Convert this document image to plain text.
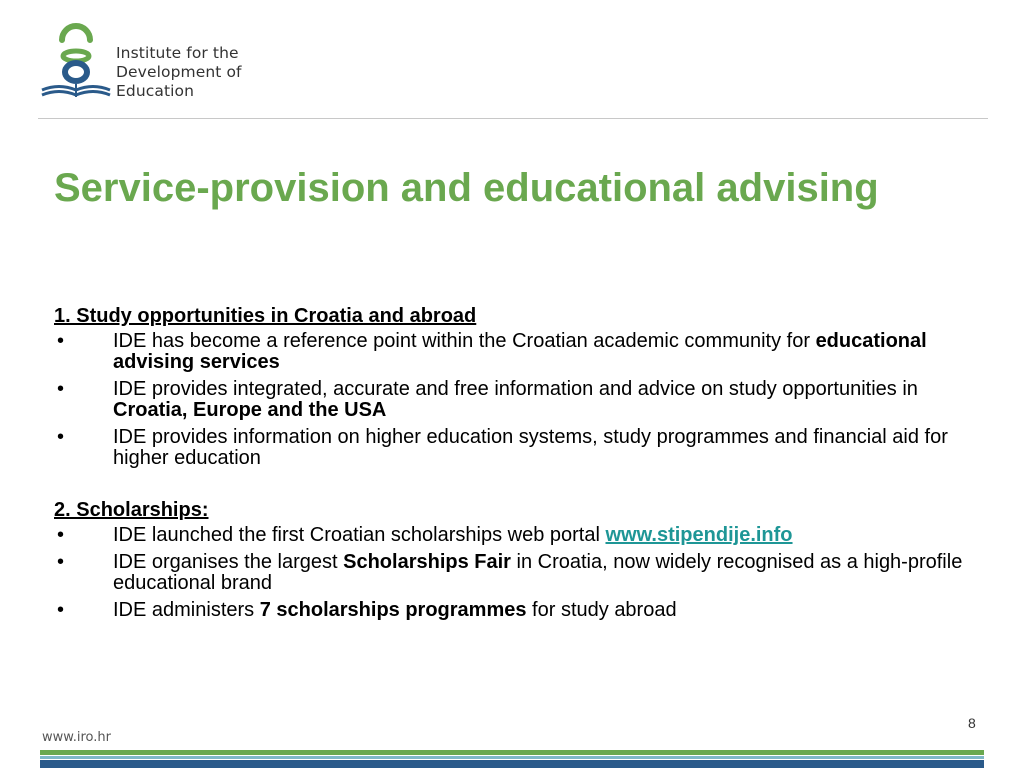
Institute for the
Development of Education
Service-provision and educational advising

1. Study opportunities in Croatia and abroad

• IDE has become a reference point within the Croatian academic community for educational advising services
• IDE provides integrated, accurate and free information and advice on study opportunities in Croatia, Europe and the USA
• IDE provides information on higher education systems, study programmes and financial aid for higher education

2. Scholarships:

• IDE launched the first Croatian scholarships web portal www.stipendije.info
• IDE organises the largest Scholarships Fair in Croatia, now widely recognised as a high-profile educational brand
• IDE administers 7 scholarships programmes for study abroad
8
www.iro.hr
